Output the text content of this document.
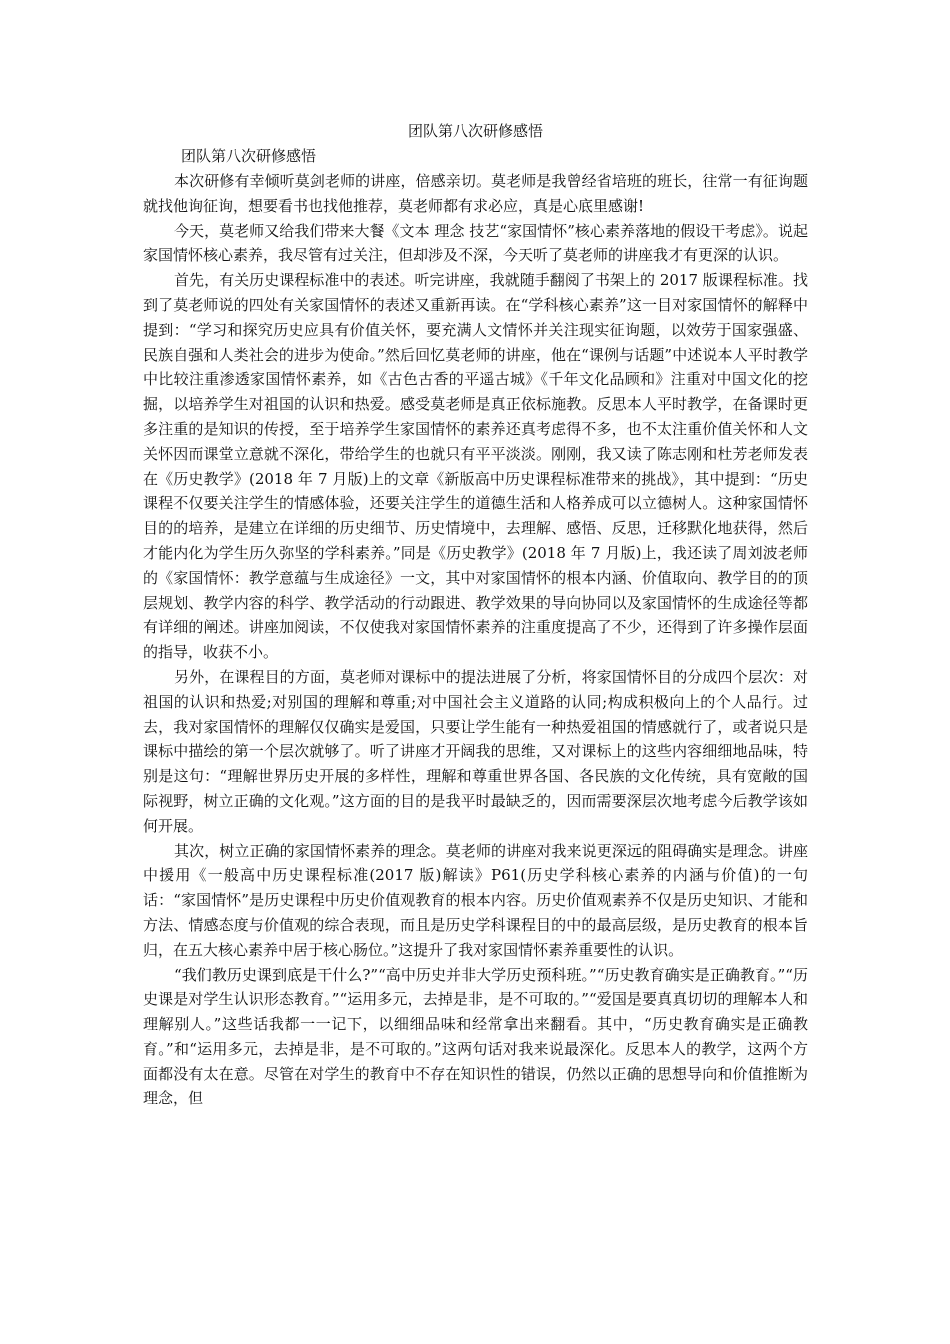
团队第八次研修感悟

团队第八次研修感悟

本次研修有幸倾听莫剑老师的讲座，倍感亲切。莫老师是我曾经省培班的班长，往常一有征询题就找他询征询，想要看书也找他推荐，莫老师都有求必应，真是心底里感谢!

今天，莫老师又给我们带来大餐《文本 理念 技艺“家国情怀”核心素养落地的假设干考虑》。说起家国情怀核心素养，我尽管有过关注，但却涉及不深，今天听了莫老师的讲座我才有更深的认识。

首先，有关历史课程标准中的表述。听完讲座，我就随手翻阅了书架上的 2017 版课程标准。找到了莫老师说的四处有关家国情怀的表述又重新再读。在“学科核心素养”这一目对家国情怀的解释中提到：“学习和探究历史应具有价值关怀，要充满人文情怀并关注现实征询题，以效劳于国家强盛、民族自强和人类社会的进步为使命。”然后回忆莫老师的讲座，他在“课例与话题”中述说本人平时教学中比较注重渗透家国情怀素养，如《古色古香的平遥古城》《千年文化品顾和》注重对中国文化的挖掘，以培养学生对祖国的认识和热爱。感受莫老师是真正依标施教。反思本人平时教学，在备课时更多注重的是知识的传授，至于培养学生家国情怀的素养还真考虑得不多，也不太注重价值关怀和人文关怀因而课堂立意就不深化，带给学生的也就只有平平淡淡。刚刚，我又读了陈志刚和杜芳老师发表在《历史教学》(2018 年 7 月版)上的文章《新版高中历史课程标准带来的挑战》，其中提到：“历史课程不仅要关注学生的情感体验，还要关注学生的道德生活和人格养成可以立德树人。这种家国情怀目的的培养，是建立在详细的历史细节、历史情境中，去理解、感悟、反思，迁移默化地获得，然后才能内化为学生历久弥坚的学科素养。”同是《历史教学》(2018 年 7 月版)上，我还读了周刘波老师的《家国情怀：教学意蕴与生成途径》一文，其中对家国情怀的根本内涵、价值取向、教学目的的顶层规划、教学内容的科学、教学活动的行动跟进、教学效果的导向协同以及家国情怀的生成途径等都有详细的阐述。讲座加阅读，不仅使我对家国情怀素养的注重度提高了不少，还得到了许多操作层面的指导，收获不小。

另外，在课程目的方面，莫老师对课标中的提法进展了分析，将家国情怀目的分成四个层次：对祖国的认识和热爱;对别国的理解和尊重;对中国社会主义道路的认同;构成积极向上的个人品行。过去，我对家国情怀的理解仅仅确实是爱国，只要让学生能有一种热爱祖国的情感就行了，或者说只是课标中描绘的第一个层次就够了。听了讲座才开阔我的思维，又对课标上的这些内容细细地品味，特别是这句：“理解世界历史开展的多样性，理解和尊重世界各国、各民族的文化传统，具有宽敞的国际视野，树立正确的文化观。”这方面的目的是我平时最缺乏的，因而需要深层次地考虑今后教学该如何开展。

其次，树立正确的家国情怀素养的理念。莫老师的讲座对我来说更深远的阻碍确实是理念。讲座中援用《一般高中历史课程标准(2017 版)解读》P61(历史学科核心素养的内涵与价值)的一句话：“家国情怀”是历史课程中历史价值观教育的根本内容。历史价值观素养不仅是历史知识、才能和方法、情感态度与价值观的综合表现，而且是历史学科课程目的中的最高层级，是历史教育的根本旨归，在五大核心素养中居于核心肠位。”这提升了我对家国情怀素养重要性的认识。

“我们教历史课到底是干什么?”“高中历史并非大学历史预科班。”“历史教育确实是正确教育。”“历史课是对学生认识形态教育。”“运用多元，去掉是非，是不可取的。”“爱国是要真真切切的理解本人和理解别人。”这些话我都一一记下，以细细品味和经常拿出来翻看。其中，“历史教育确实是正确教育。”和“运用多元，去掉是非，是不可取的。”这两句话对我来说最深化。反思本人的教学，这两个方面都没有太在意。尽管在对学生的教育中不存在知识性的错误，仍然以正确的思想导向和价值推断为理念，但
